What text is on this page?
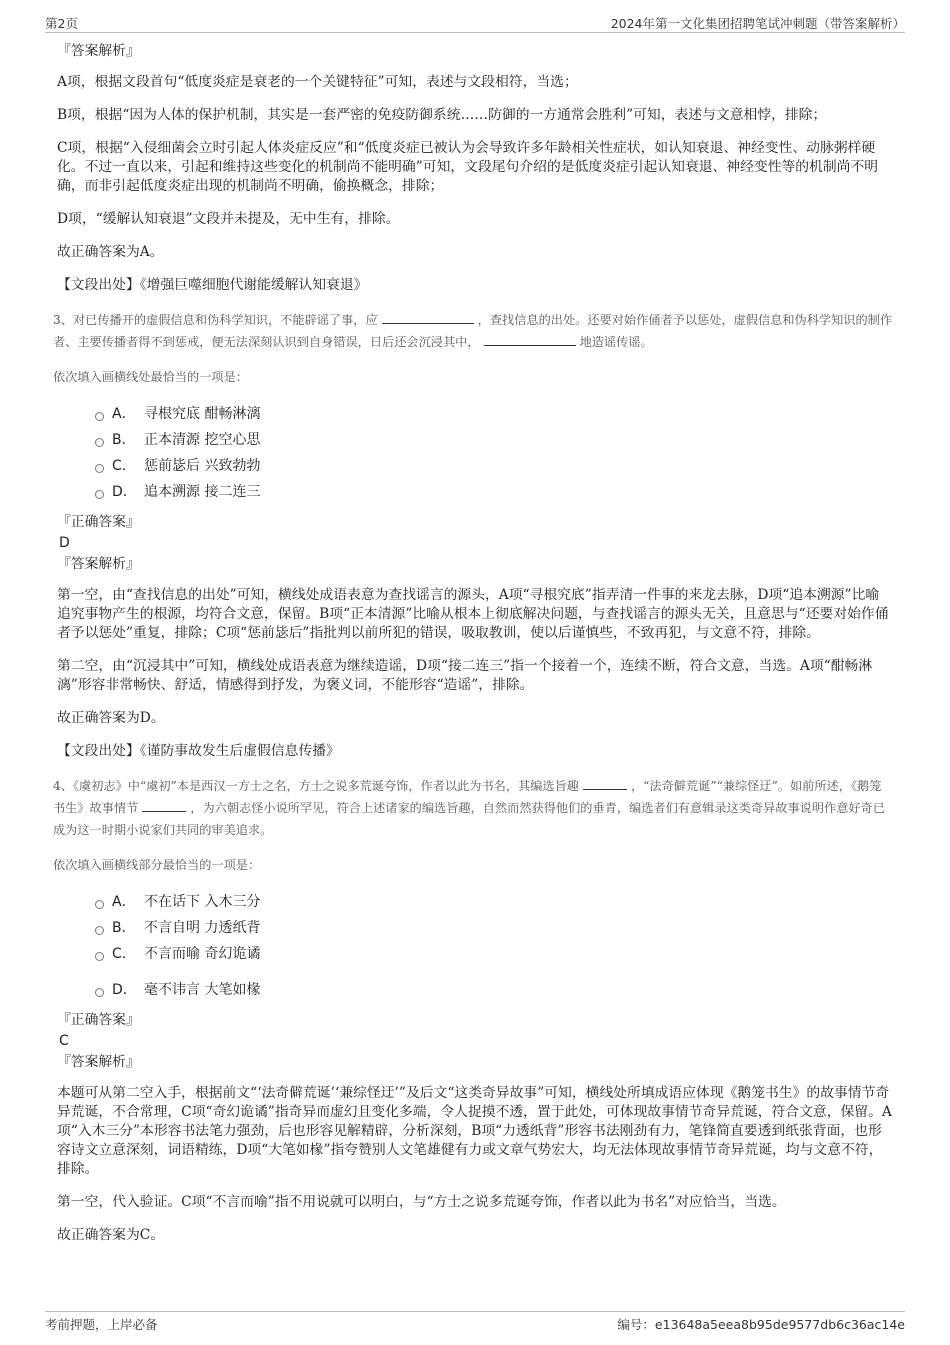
第2页	2024年第一文化集团招聘笔试冲刺题（带答案解析）
『答案解析』

A项，根据文段首句“低度炎症是衰老的一个关键特征”可知，表述与文段相符，当选；

B项，根据“因为人体的保护机制，其实是一套严密的免疫防御系统……防御的一方通常会胜利”可知，表述与文意相悖，排除；

C项，根据“入侵细菌会立时引起人体炎症反应”和“低度炎症已被认为会导致许多年龄相关性症状，如认知衰退、神经变性、动脉粥样硬化。不过一直以来，引起和维持这些变化的机制尚不能明确”可知，文段尾句介绍的是低度炎症引起认知衰退、神经变性等的机制尚不明确，而非引起低度炎症出现的机制尚不明确，偷换概念，排除；

D项，“缓解认知衰退”文段并未提及，无中生有，排除。

故正确答案为A。

【文段出处】《增强巨噬细胞代谢能缓解认知衰退》

3、对已传播开的虚假信息和伪科学知识，不能辟谣了事，应	，查找信息的出处。还要对始作俑者予以惩处，虚假信息和伪科学知识的制作者、主要传播者得不到惩戒，便无法深刻认识到自身错误，日后还会沉浸其中，	地造谣传谣。

依次填入画横线处最恰当的一项是：

A． 寻根究底 酣畅淋漓
B． 正本清源 挖空心思
C． 惩前毖后 兴致勃勃
D． 追本溯源 接二连三
『正确答案』
D
『答案解析』

第一空，由“查找信息的出处”可知，横线处成语表意为查找谣言的源头，A项“寻根究底”指弄清一件事的来龙去脉，D项“追本溯源”比喻追究事物产生的根源，均符合文意，保留。B项“正本清源”比喻从根本上彻底解决问题，与查找谣言的源头无关，且意思与“还要对始作俑者予以惩处”重复，排除；C项“惩前毖后”指批判以前所犯的错误，吸取教训，使以后谨慎些，不致再犯，与文意不符，排除。

第二空，由“沉浸其中”可知，横线处成语表意为继续造谣，D项“接二连三”指一个接着一个，连续不断，符合文意，当选。A项“酣畅淋漓”形容非常畅快、舒适，情感得到抒发，为褒义词，不能形容“造谣”，排除。

故正确答案为D。

【文段出处】《谨防事故发生后虚假信息传播》

4、《虞初志》中“虞初”本是西汉一方士之名，方士之说多荒诞夸饰，作者以此为书名，其编选旨趣	，“法奇僻荒诞”“兼综怪迂”。如前所述，《鹅笼书生》故事情节	，为六朝志怪小说所罕见，符合上述诸家的编选旨趣，自然而然获得他们的垂青，编选者们有意辑录这类奇异故事说明作意好奇已成为这一时期小说家们共同的审美追求。

依次填入画横线部分最恰当的一项是：

A． 不在话下 入木三分
B． 不言自明 力透纸背
C． 不言而喻 奇幻诡谲
D． 毫不讳言 大笔如椽
『正确答案』
C
『答案解析』

本题可从第二空入手，根据前文“‘法奇僻荒诞’‘兼综怪迂’”及后文“这类奇异故事”可知，横线处所填成语应体现《鹅笼书生》的故事情节奇异荒诞，不合常理，C项“奇幻诡谲”指奇异而虚幻且变化多端，令人捉摸不透，置于此处，可体现故事情节奇异荒诞，符合文意，保留。A项“入木三分”本形容书法笔力强劲，后也形容见解精辟，分析深刻，B项“力透纸背”形容书法刚劲有力，笔锋简直要透到纸张背面，也形容诗文立意深刻，词语精练，D项“大笔如椽”指夸赞别人文笔雄健有力或文章气势宏大，均无法体现故事情节奇异荒诞，均与文意不符，排除。

第一空，代入验证。C项“不言而喻”指不用说就可以明白，与“方士之说多荒诞夸饰，作者以此为书名”对应恰当，当选。

故正确答案为C。

考前押题，上岸必备	编号：e13648a5eea8b95de9577db6c36ac14e
